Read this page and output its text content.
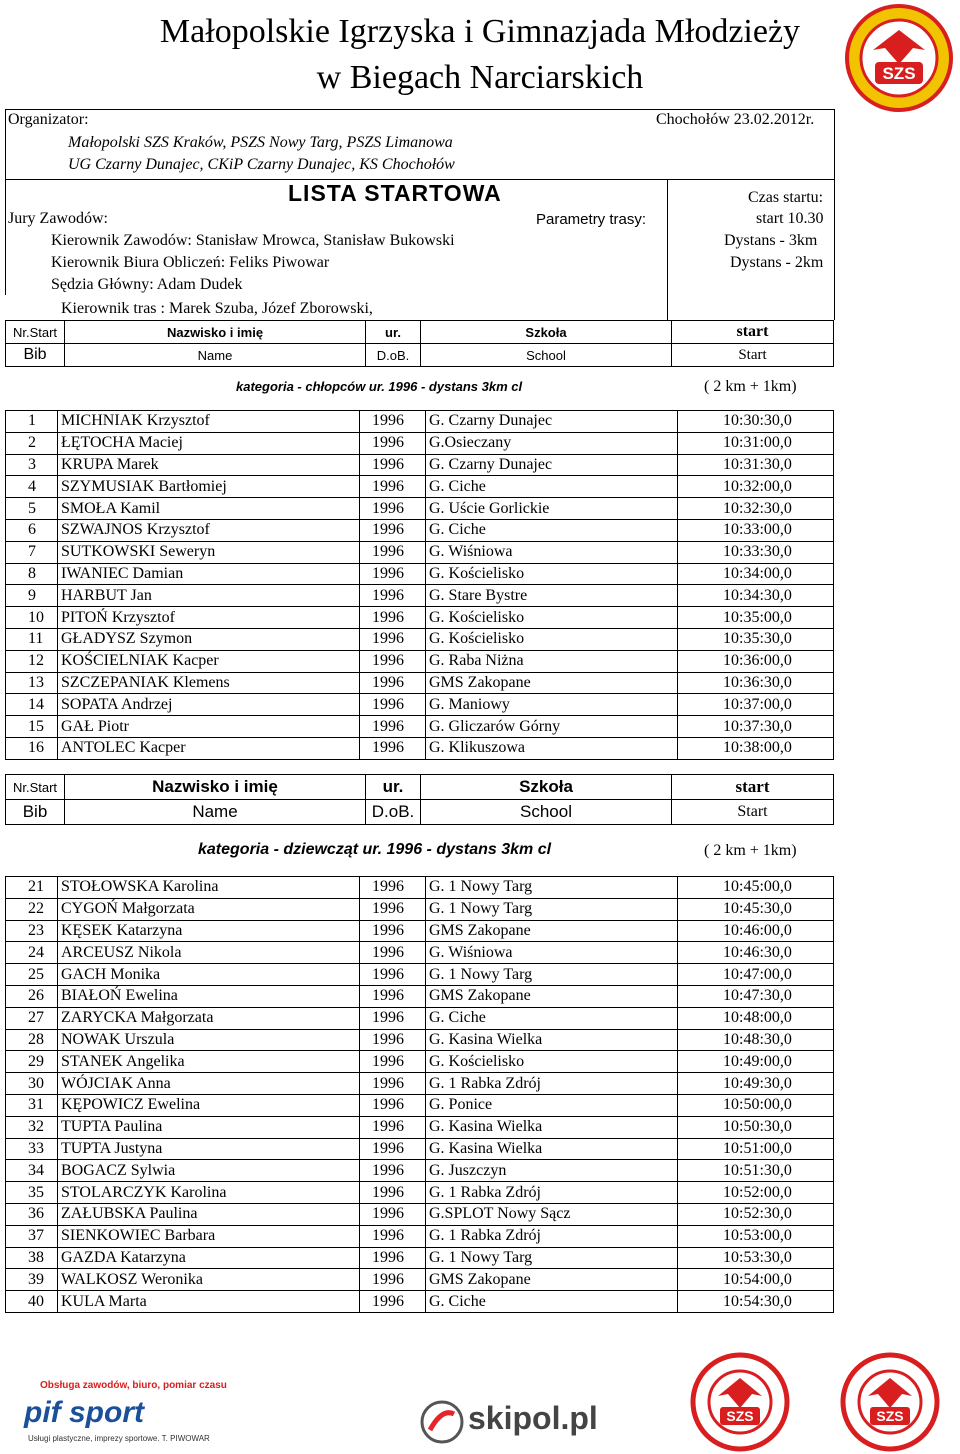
Małopolskie Igrzyska i Gimnazjada Młodzieży
w Biegach Narciarskich	SZS
Organizator:	Chochołów 23.02.2012r.
Małopolski SZS Kraków, PSZS Nowy Targ, PSZS Limanowa
UG Czarny Dunajec, CKiP Czarny Dunajec, KS Chochołów
LISTA STARTOWA	Czas startu:
Jury Zawodów:	Parametry trasy:	start 10.30
Kierownik Zawodów: Stanisław Mrowca, Stanisław Bukowski	Dystans - 3km
Kierownik Biura Obliczeń: Feliks Piwowar	Dystans - 2km
Sędzia Główny: Adam Dudek
Kierownik tras : Marek Szuba, Józef Zborowski,
Nr.Start	Nazwisko i imię	ur.	Szkoła	start
Bib	Name	D.oB.	School	Start
kategoria - chłopców ur. 1996 - dystans 3km cl	( 2 km + 1km)
1	MICHNIAK Krzysztof	1996	G. Czarny Dunajec	10:30:30,0
2	ŁĘTOCHA Maciej	1996	G.Osieczany	10:31:00,0
3	KRUPA Marek	1996	G. Czarny Dunajec	10:31:30,0
4	SZYMUSIAK Bartłomiej	1996	G. Ciche	10:32:00,0
5	SMOŁA Kamil	1996	G. Uście Gorlickie	10:32:30,0
6	SZWAJNOS Krzysztof	1996	G. Ciche	10:33:00,0
7	SUTKOWSKI Seweryn	1996	G. Wiśniowa	10:33:30,0
8	IWANIEC Damian	1996	G. Kościelisko	10:34:00,0
9	HARBUT Jan	1996	G. Stare Bystre	10:34:30,0
10	PITOŃ Krzysztof	1996	G. Kościelisko	10:35:00,0
11	GŁADYSZ Szymon	1996	G. Kościelisko	10:35:30,0
12	KOŚCIELNIAK Kacper	1996	G. Raba Niżna	10:36:00,0
13	SZCZEPANIAK Klemens	1996	GMS Zakopane	10:36:30,0
14	SOPATA Andrzej	1996	G. Maniowy	10:37:00,0
15	GAŁ Piotr	1996	G. Gliczarów Górny	10:37:30,0
16	ANTOLEC Kacper	1996	G. Klikuszowa	10:38:00,0
Nr.Start	Nazwisko i imię	ur.	Szkoła	start
Bib	Name	D.oB.	School	Start
kategoria - dziewcząt ur. 1996 - dystans 3km cl	( 2 km + 1km)
21	STOŁOWSKA Karolina	1996	G. 1 Nowy Targ	10:45:00,0
22	CYGOŃ Małgorzata	1996	G. 1 Nowy Targ	10:45:30,0
23	KĘSEK Katarzyna	1996	GMS Zakopane	10:46:00,0
24	ARCEUSZ Nikola	1996	G. Wiśniowa	10:46:30,0
25	GACH Monika	1996	G. 1 Nowy Targ	10:47:00,0
26	BIAŁOŃ Ewelina	1996	GMS Zakopane	10:47:30,0
27	ZARYCKA Małgorzata	1996	G. Ciche	10:48:00,0
28	NOWAK Urszula	1996	G. Kasina Wielka	10:48:30,0
29	STANEK Angelika	1996	G. Kościelisko	10:49:00,0
30	WÓJCIAK Anna	1996	G. 1 Rabka Zdrój	10:49:30,0
31	KĘPOWICZ Ewelina	1996	G. Ponice	10:50:00,0
32	TUPTA Paulina	1996	G. Kasina Wielka	10:50:30,0
33	TUPTA Justyna	1996	G. Kasina Wielka	10:51:00,0
34	BOGACZ Sylwia	1996	G. Juszczyn	10:51:30,0
35	STOLARCZYK Karolina	1996	G. 1 Rabka Zdrój	10:52:00,0
36	ZAŁUBSKA Paulina	1996	G.SPLOT Nowy Sącz	10:52:30,0
37	SIENKOWIEC Barbara	1996	G. 1 Rabka Zdrój	10:53:00,0
38	GAZDA Katarzyna	1996	G. 1 Nowy Targ	10:53:30,0
39	WALKOSZ Weronika	1996	GMS Zakopane	10:54:00,0
40	KULA Marta	1996	G. Ciche	10:54:30,0
Obsługa zawodów, biuro, pomiar czasu
pif sport
Usługi plastyczne, imprezy sportowe. T. PIWOWAR
skipol.pl	SZS	SZS
